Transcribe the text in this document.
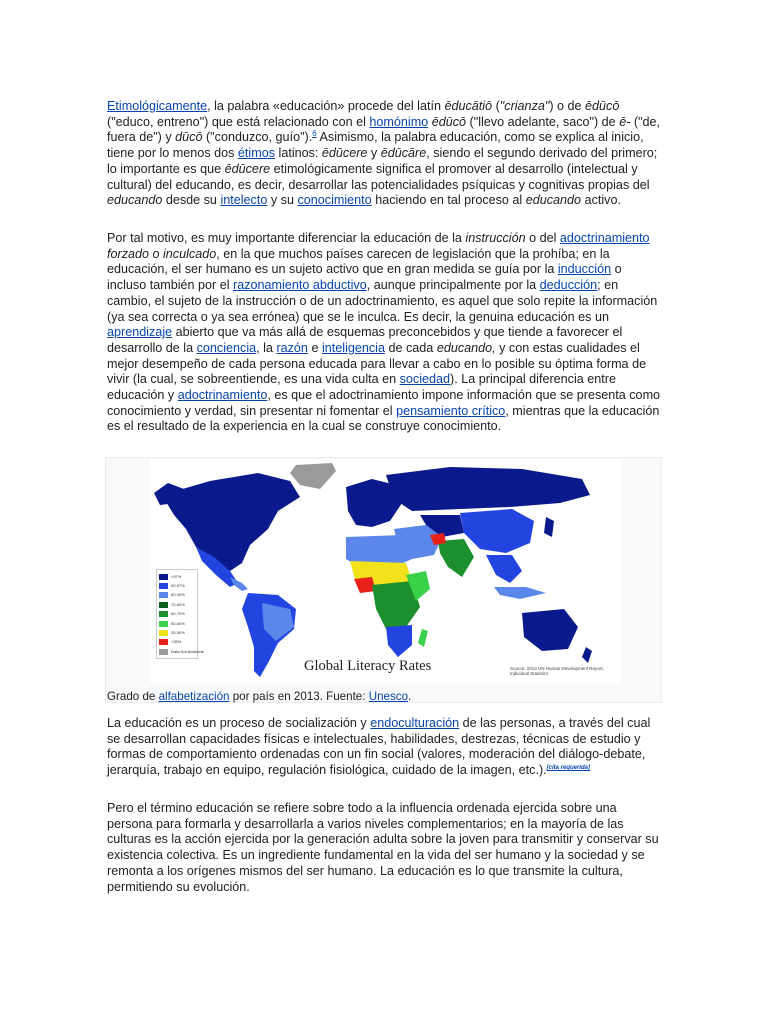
Etimológicamente, la palabra «educación» procede del latín ēducātiō ("crianza") o de ēdūcō ("educo, entreno") que está relacionado con el homónimo ēdūcō ("llevo adelante, saco") de ē- ("de, fuera de") y dūcō ("conduzco, guío").$^6$ Asimismo, la palabra educación, como se explica al inicio, tiene por lo menos dos étimos latinos: ēdūcere y ēdūcāre, siendo el segundo derivado del primero; lo importante es que ēdūcere etimológicamente significa el promover al desarrollo (intelectual y cultural) del educando, es decir, desarrollar las potencialidades psíquicas y cognitivas propias del educando desde su intelecto y su conocimiento haciendo en tal proceso al educando activo.

Por tal motivo, es muy importante diferenciar la educación de la instrucción o del adoctrinamiento forzado o inculcado, en la que muchos países carecen de legislación que la prohíba; en la educación, el ser humano es un sujeto activo que en gran medida se guía por la inducción o incluso también por el razonamiento abductivo, aunque principalmente por la deducción; en cambio, el sujeto de la instrucción o de un adoctrinamiento, es aquel que solo repite la información (ya sea correcta o ya sea errónea) que se le inculca. Es decir, la genuina educación es un aprendizaje abierto que va más allá de esquemas preconcebidos y que tiende a favorecer el desarrollo de la conciencia, la razón e inteligencia de cada educando, y con estas cualidades el mejor desempeño de cada persona educada para llevar a cabo en lo posible su óptima forma de vivir (la cual, se sobreentiende, es una vida culta en sociedad). La principal diferencia entre educación y adoctrinamiento, es que el adoctrinamiento impone información que se presenta como conocimiento y verdad, sin presentar ni fomentar el pensamiento crítico, mientras que la educación es el resultado de la experiencia en la cual se construye conocimiento.

>97%
90-97%
80-90%
70-80%
60-70%
50-60%
35-50%
<35%
Data Not Available
Global Literacy Rates	Source: 2013 UN Human Development Report,
Individual Statistics
Grado de alfabetización por país en 2013. Fuente: Unesco.

La educación es un proceso de socialización y endoculturación de las personas, a través del cual se desarrollan capacidades físicas e intelectuales, habilidades, destrezas, técnicas de estudio y formas de comportamiento ordenadas con un fin social (valores, moderación del diálogo-debate, jerarquía, trabajo en equipo, regulación fisiológica, cuidado de la imagen, etc.).[cita requerida]

Pero el término educación se refiere sobre todo a la influencia ordenada ejercida sobre una persona para formarla y desarrollarla a varios niveles complementarios; en la mayoría de las culturas es la acción ejercida por la generación adulta sobre la joven para transmitir y conservar su existencia colectiva. Es un ingrediente fundamental en la vida del ser humano y la sociedad y se remonta a los orígenes mismos del ser humano. La educación es lo que transmite la cultura, permitiendo su evolución.
